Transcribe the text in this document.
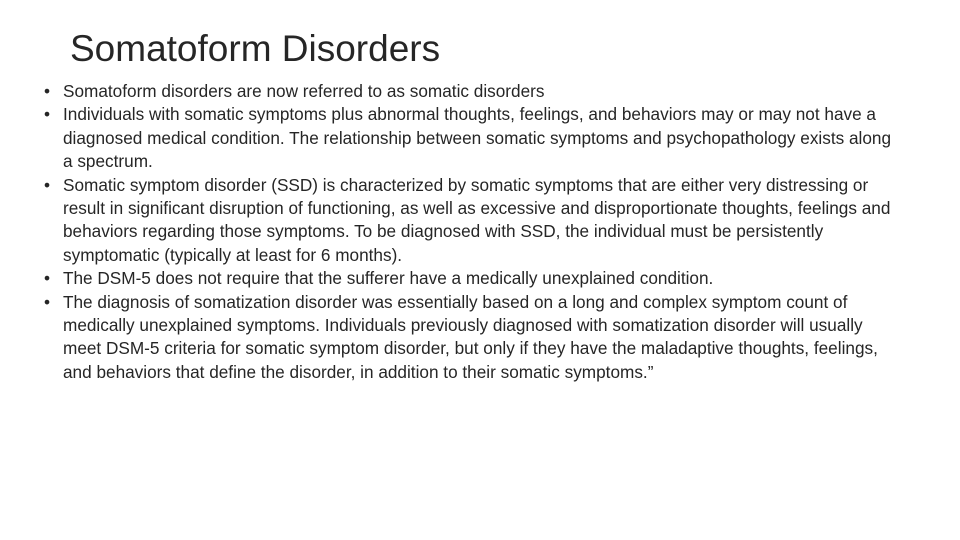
Somatoform Disorders
• Somatoform disorders are now referred to as somatic disorders
• Individuals with somatic symptoms plus abnormal thoughts, feelings, and behaviors may or may not have a diagnosed medical condition. The relationship between somatic symptoms and psychopathology exists along a spectrum.
• Somatic symptom disorder (SSD) is characterized by somatic symptoms that are either very distressing or result in significant disruption of functioning, as well as excessive and disproportionate thoughts, feelings and behaviors regarding those symptoms. To be diagnosed with SSD, the individual must be persistently symptomatic (typically at least for 6 months).
• The DSM-5 does not require that the sufferer have a medically unexplained condition.
• The diagnosis of somatization disorder was essentially based on a long and complex symptom count of medically unexplained symptoms. Individuals previously diagnosed with somatization disorder will usually meet DSM-5 criteria for somatic symptom disorder, but only if they have the maladaptive thoughts, feelings, and behaviors that define the disorder, in addition to their somatic symptoms.”
